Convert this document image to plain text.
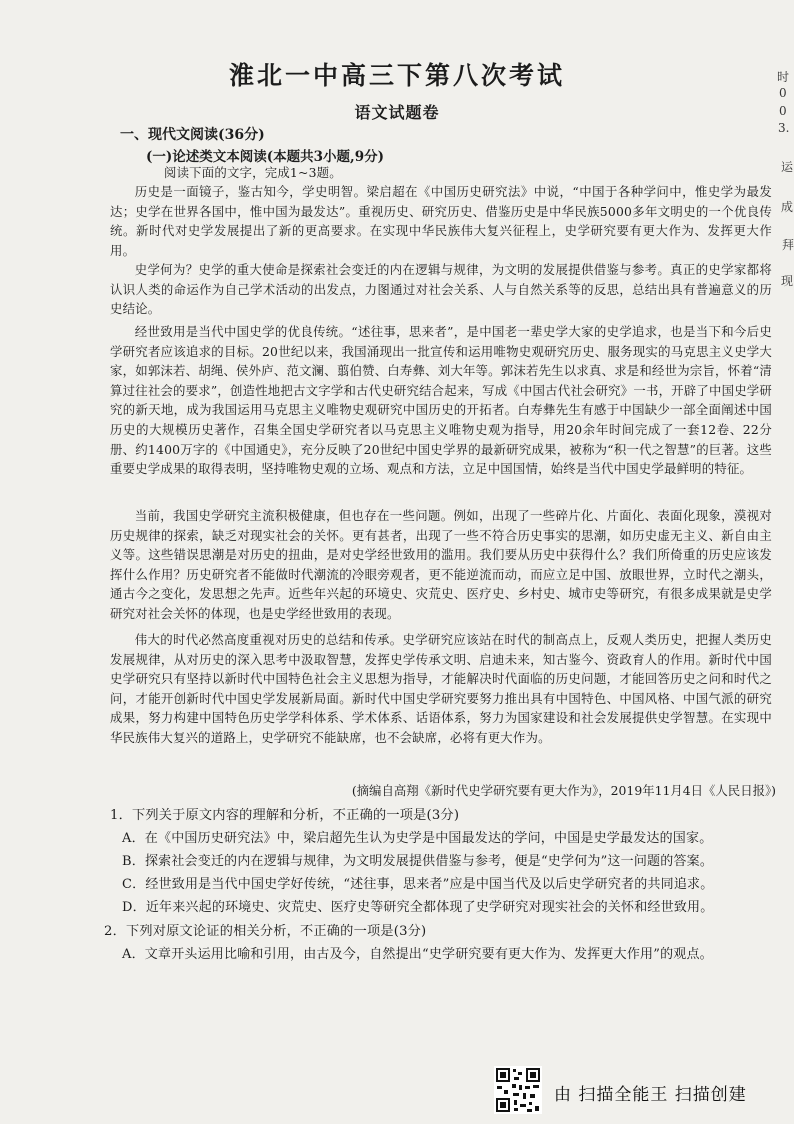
淮北一中高三下第八次考试
语文试题卷
时
0
0
3.
运
成
拜
现
一、现代文阅读(36分)
(一)论述类文本阅读(本题共3小题,9分)
阅读下面的文字，完成1~3题。
历史是一面镜子，鉴古知今，学史明智。梁启超在《中国历史研究法》中说，“中国于各种学问中，惟史学为最发达；史学在世界各国中，惟中国为最发达”。重视历史、研究历史、借鉴历史是中华民族5000多年文明史的一个优良传统。新时代对史学发展提出了新的更高要求。在实现中华民族伟大复兴征程上，史学研究要有更大作为、发挥更大作用。
史学何为？史学的重大使命是探索社会变迁的内在逻辑与规律，为文明的发展提供借鉴与参考。真正的史学家都将认识人类的命运作为自己学术活动的出发点，力图通过对社会关系、人与自然关系等的反思，总结出具有普遍意义的历史结论。
经世致用是当代中国史学的优良传统。“述往事，思来者”，是中国老一辈史学大家的史学追求，也是当下和今后史学研究者应该追求的目标。20世纪以来，我国涌现出一批宣传和运用唯物史观研究历史、服务现实的马克思主义史学大家，如郭沫若、胡绳、侯外庐、范文澜、翦伯赞、白寿彝、刘大年等。郭沫若先生以求真、求是和经世为宗旨，怀着“清算过往社会的要求”，创造性地把古文字学和古代史研究结合起来，写成《中国古代社会研究》一书，开辟了中国史学研究的新天地，成为我国运用马克思主义唯物史观研究中国历史的开拓者。白寿彝先生有感于中国缺少一部全面阐述中国历史的大规模历史著作，召集全国史学研究者以马克思主义唯物史观为指导，用20余年时间完成了一套12卷、22分册、约1400万字的《中国通史》，充分反映了20世纪中国史学界的最新研究成果，被称为“积一代之智慧”的巨著。这些重要史学成果的取得表明，坚持唯物史观的立场、观点和方法，立足中国国情，始终是当代中国史学最鲜明的特征。
当前，我国史学研究主流积极健康，但也存在一些问题。例如，出现了一些碎片化、片面化、表面化现象，漠视对历史规律的探索，缺乏对现实社会的关怀。更有甚者，出现了一些不符合历史事实的思潮，如历史虚无主义、新自由主义等。这些错误思潮是对历史的扭曲，是对史学经世致用的滥用。我们要从历史中获得什么？我们所倚重的历史应该发挥什么作用？历史研究者不能做时代潮流的冷眼旁观者，更不能逆流而动，而应立足中国、放眼世界，立时代之潮头，通古今之变化，发思想之先声。近些年兴起的环境史、灾荒史、医疗史、乡村史、城市史等研究，有很多成果就是史学研究对社会关怀的体现，也是史学经世致用的表现。
伟大的时代必然高度重视对历史的总结和传承。史学研究应该站在时代的制高点上，反观人类历史，把握人类历史发展规律，从对历史的深入思考中汲取智慧，发挥史学传承文明、启迪未来，知古鉴今、资政育人的作用。新时代中国史学研究只有坚持以新时代中国特色社会主义思想为指导，才能解决时代面临的历史问题，才能回答历史之问和时代之问，才能开创新时代中国史学发展新局面。新时代中国史学研究要努力推出具有中国特色、中国风格、中国气派的研究成果，努力构建中国特色历史学学科体系、学术体系、话语体系，努力为国家建设和社会发展提供史学智慧。在实现中华民族伟大复兴的道路上，史学研究不能缺席，也不会缺席，必将有更大作为。
(摘编自高翔《新时代史学研究要有更大作为》，2019年11月4日《人民日报》)
1．下列关于原文内容的理解和分析，不正确的一项是(3分)
A．在《中国历史研究法》中，梁启超先生认为史学是中国最发达的学问，中国是史学最发达的国家。
B．探索社会变迁的内在逻辑与规律，为文明发展提供借鉴与参考，便是“史学何为”这一问题的答案。
C．经世致用是当代中国史学好传统，“述往事，思来者”应是中国当代及以后史学研究者的共同追求。
D．近年来兴起的环境史、灾荒史、医疗史等研究全都体现了史学研究对现实社会的关怀和经世致用。
2．下列对原文论证的相关分析，不正确的一项是(3分)
A．文章开头运用比喻和引用，由古及今，自然提出“史学研究要有更大作为、发挥更大作用”的观点。
由 扫描全能王 扫描创建
